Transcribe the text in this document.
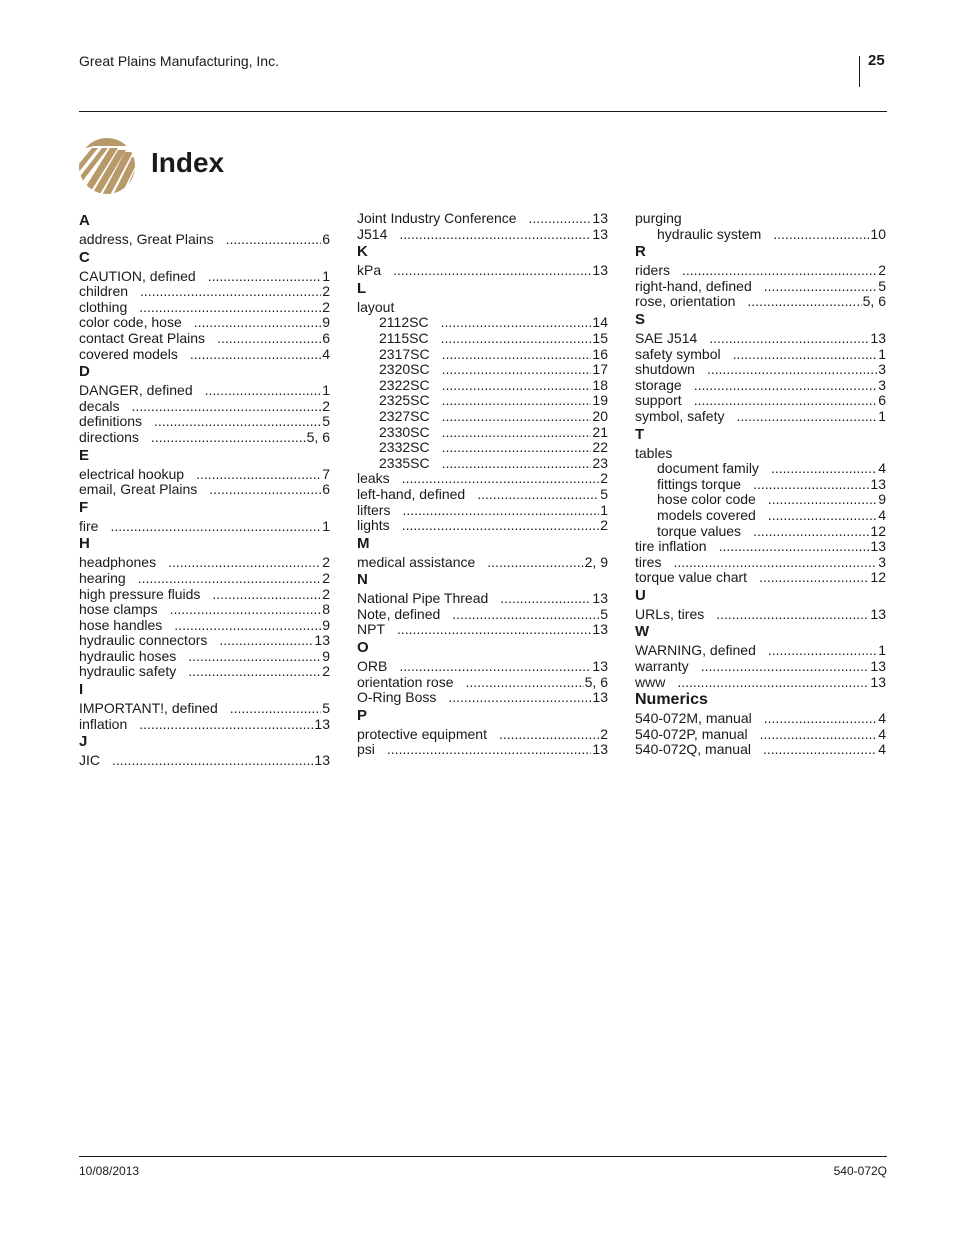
Great Plains Manufacturing, Inc.	25
Index
A
address, Great Plains .....	6
C
CAUTION, defined .....	1
children .....	2
clothing .....	2
color code, hose .....	9
contact Great Plains .....	6
covered models .....	4
D
DANGER, defined .....	1
decals .....	2
definitions .....	5
directions .....	5, 6
E
electrical hookup .....	7
email, Great Plains .....	6
F
fire .....	1
H
headphones .....	2
hearing .....	2
high pressure fluids .....	2
hose clamps .....	8
hose handles .....	9
hydraulic connectors .....	13
hydraulic hoses .....	9
hydraulic safety .....	2
I
IMPORTANT!, defined .....	5
inflation .....	13
J
JIC .....	13
Joint Industry Conference .....	13
J514 .....	13
K
kPa .....	13
L
layout
2112SC .....	14
2115SC .....	15
2317SC .....	16
2320SC .....	17
2322SC .....	18
2325SC .....	19
2327SC .....	20
2330SC .....	21
2332SC .....	22
2335SC .....	23
leaks .....	2
left-hand, defined .....	5
lifters .....	1
lights .....	2
M
medical assistance .....	2, 9
N
National Pipe Thread .....	13
Note, defined .....	5
NPT .....	13
O
ORB .....	13
orientation rose .....	5, 6
O-Ring Boss .....	13
P
protective equipment .....	2
psi .....	13
purging
hydraulic system .....	10
R
riders .....	2
right-hand, defined .....	5
rose, orientation .....	5, 6
S
SAE J514 .....	13
safety symbol .....	1
shutdown .....	3
storage .....	3
support .....	6
symbol, safety .....	1
T
tables
document family .....	4
fittings torque .....	13
hose color code .....	9
models covered .....	4
torque values .....	12
tire inflation .....	13
tires .....	3
torque value chart .....	12
U
URLs, tires .....	13
W
WARNING, defined .....	1
warranty .....	13
www .....	13
Numerics
540-072M, manual .....	4
540-072P, manual .....	4
540-072Q, manual .....	4
10/08/2013	540-072Q
